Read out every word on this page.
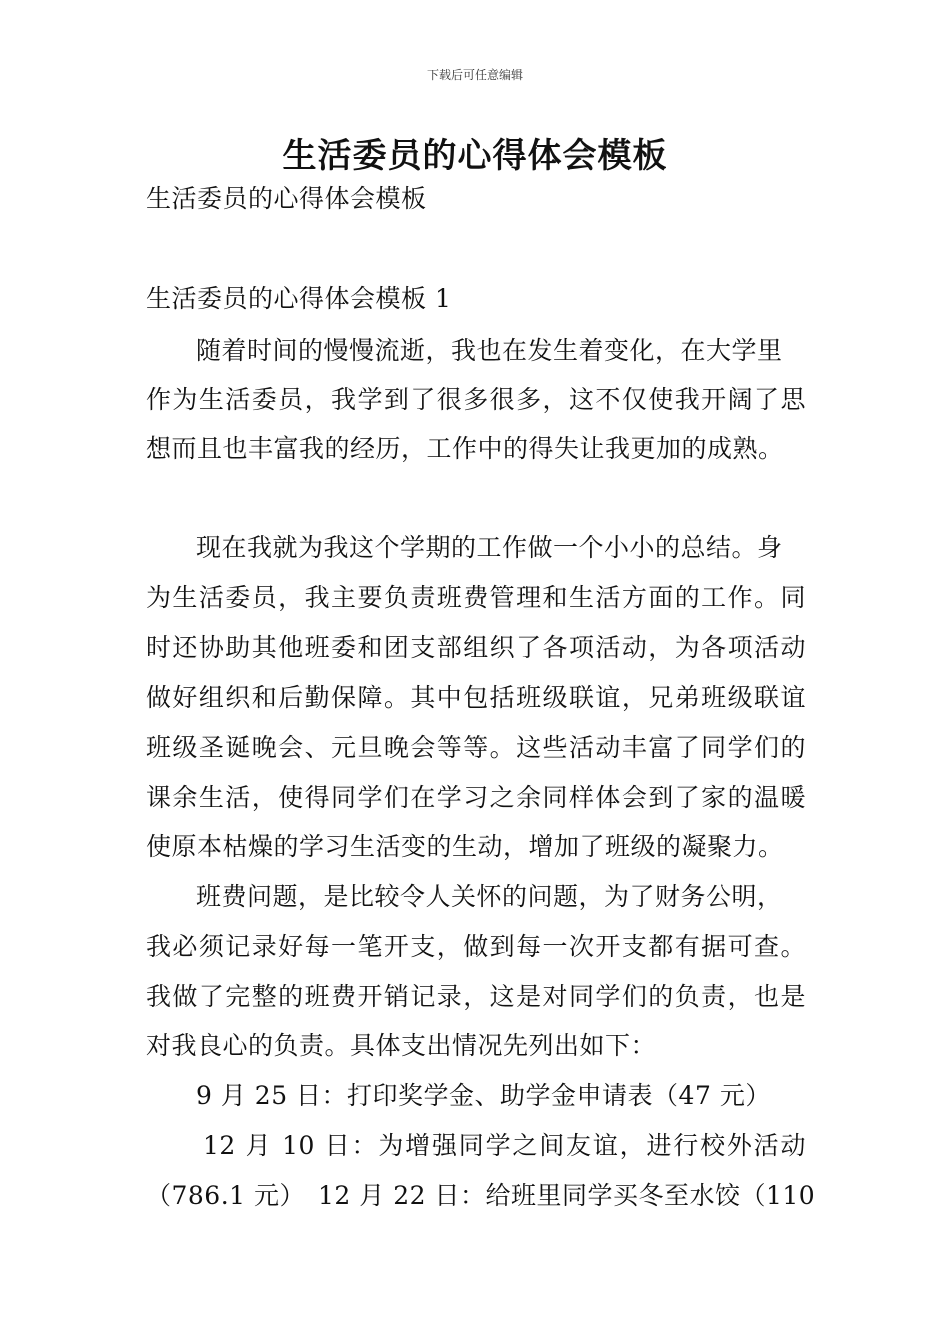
下载后可任意编辑
生活委员的心得体会模板
生活委员的心得体会模板
生活委员的心得体会模板 1
随着时间的慢慢流逝，我也在发生着变化，在大学里
作为生活委员，我学到了很多很多，这不仅使我开阔了思
想而且也丰富我的经历，工作中的得失让我更加的成熟。
现在我就为我这个学期的工作做一个小小的总结。身
为生活委员，我主要负责班费管理和生活方面的工作。同
时还协助其他班委和团支部组织了各项活动，为各项活动
做好组织和后勤保障。其中包括班级联谊，兄弟班级联谊
班级圣诞晚会、元旦晚会等等。这些活动丰富了同学们的
课余生活，使得同学们在学习之余同样体会到了家的温暖
使原本枯燥的学习生活变的生动，增加了班级的凝聚力。
班费问题，是比较令人关怀的问题，为了财务公明，
我必须记录好每一笔开支，做到每一次开支都有据可查。
我做了完整的班费开销记录，这是对同学们的负责，也是
对我良心的负责。具体支出情况先列出如下：
9 月 25 日：打印奖学金、助学金申请表（47 元）
12 月 10 日：为增强同学之间友谊，进行校外活动
（786.1 元）　12 月 22 日：给班里同学买冬至水饺（110
